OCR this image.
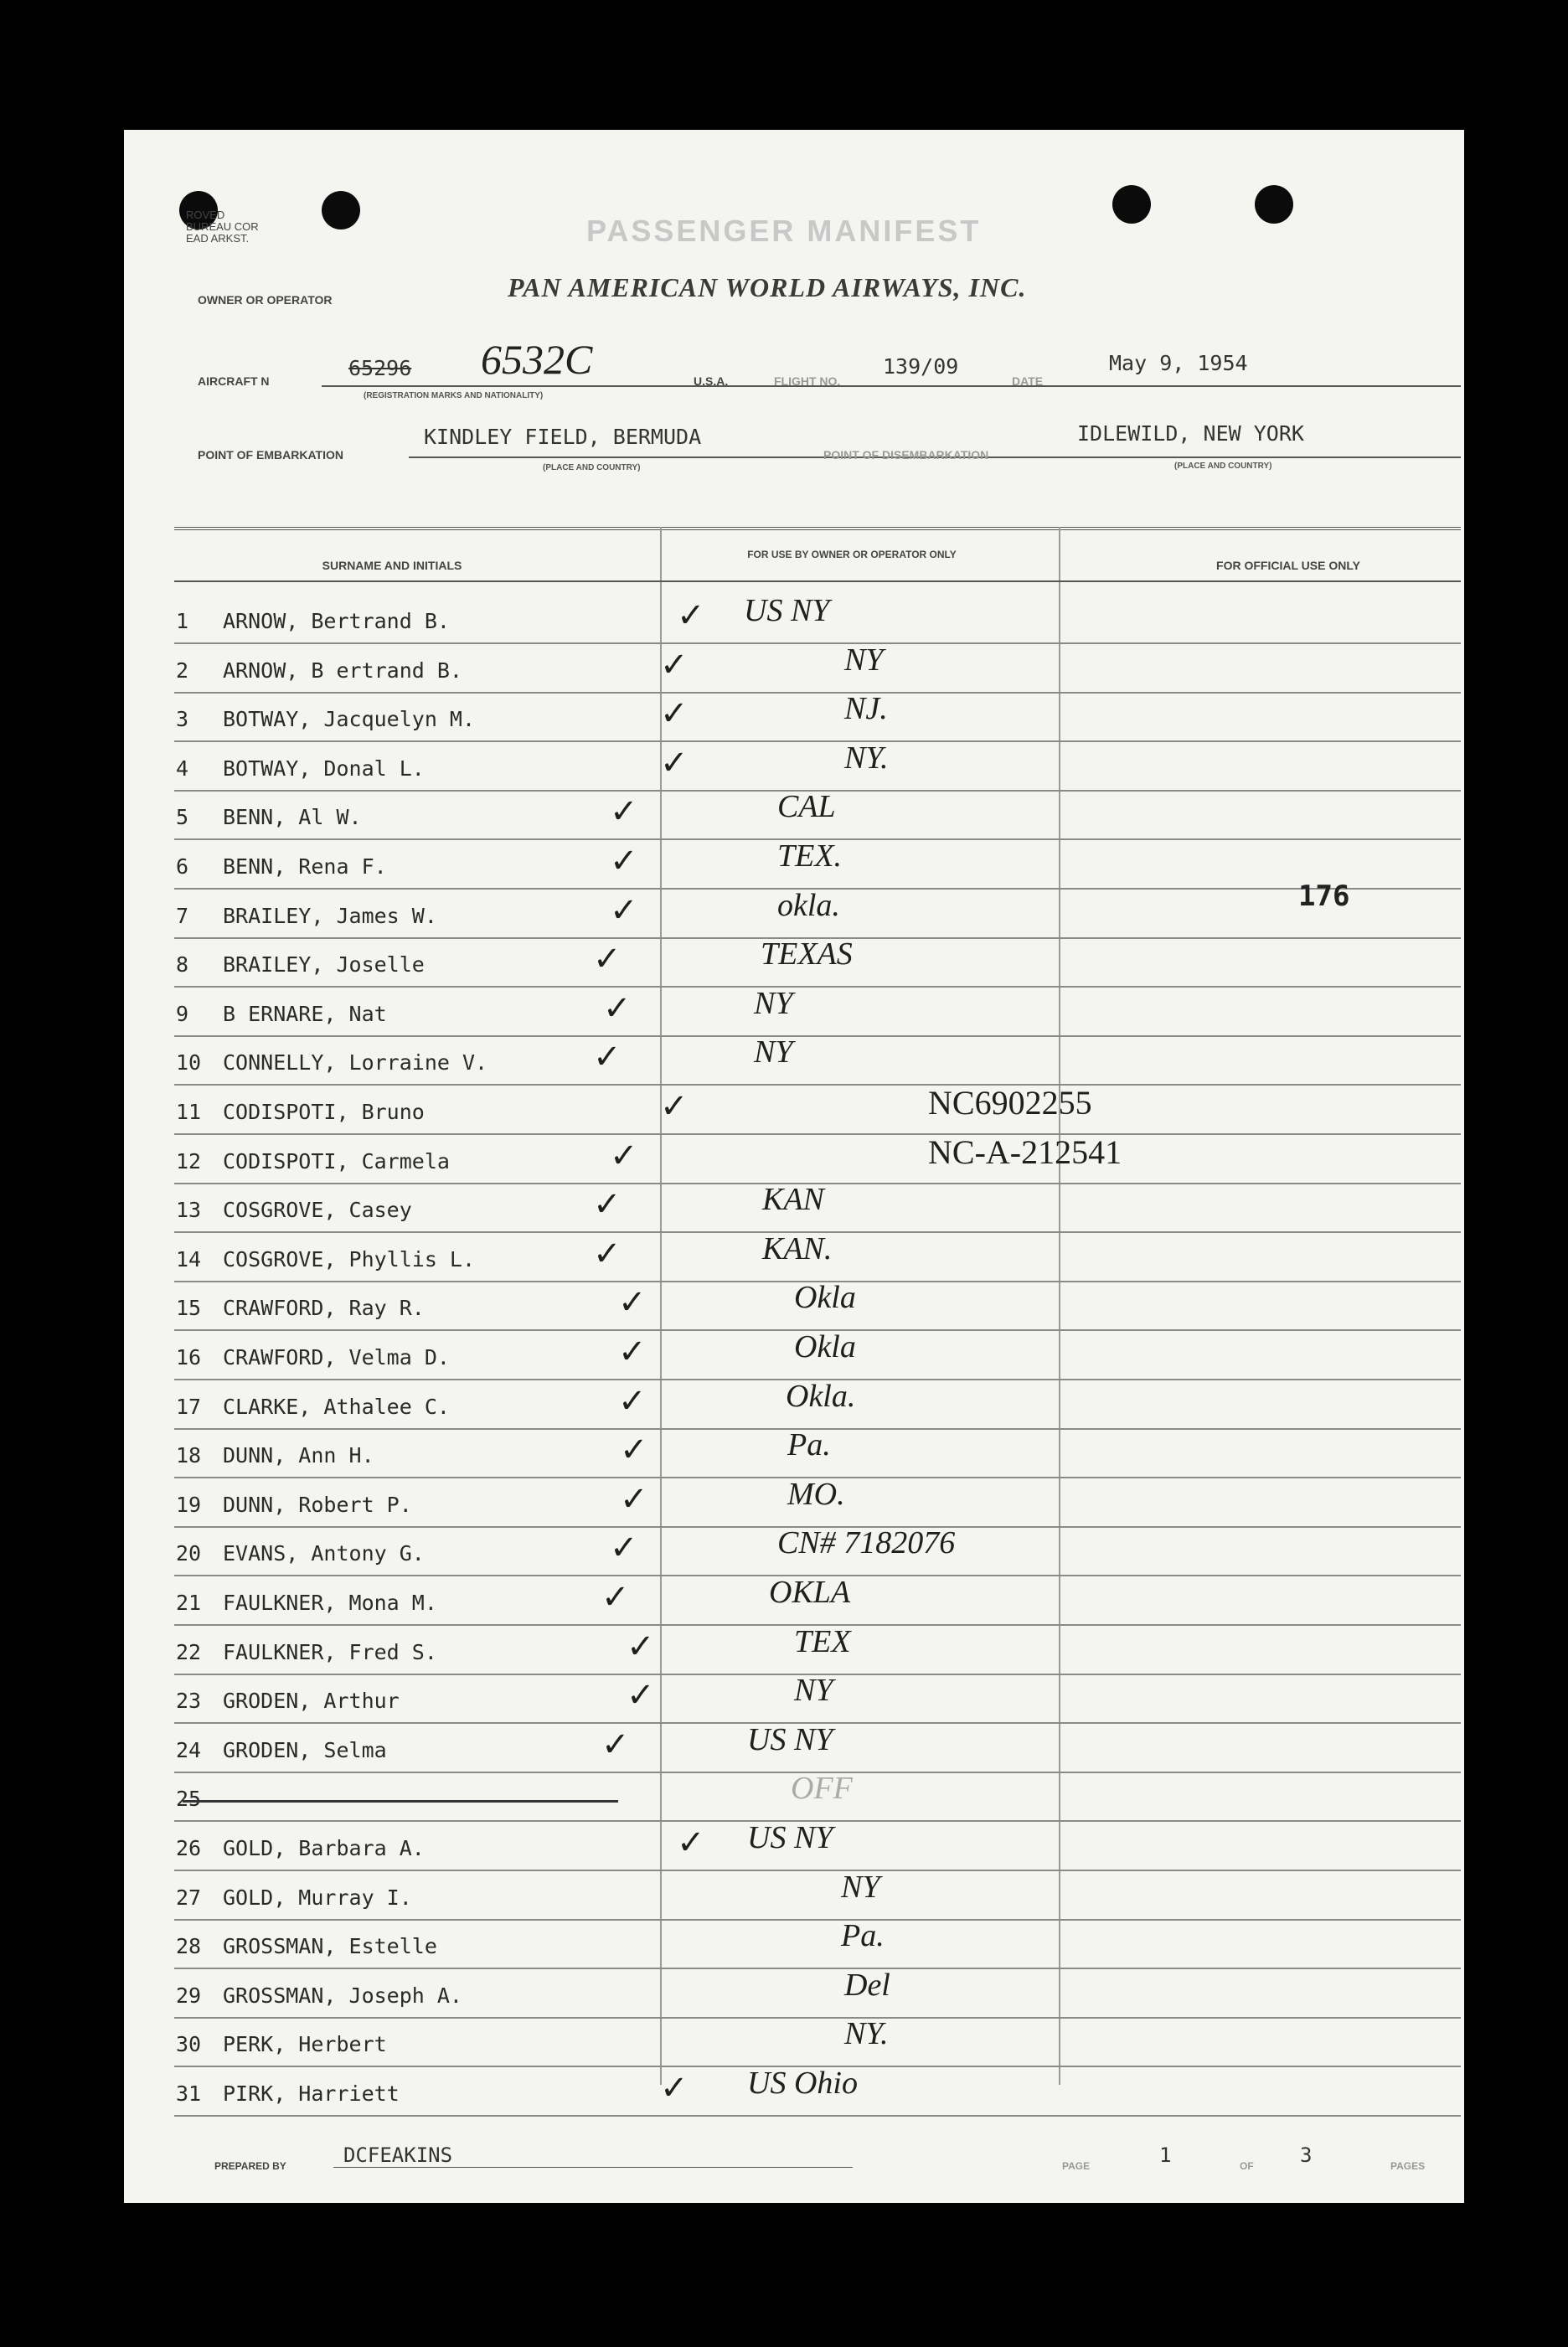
ROVED
BUREAU COR
EAD ARKST.	PASSENGER MANIFEST
OWNER OR OPERATOR	PAN AMERICAN WORLD AIRWAYS, INC.
AIRCRAFT N
65296 6532C
(REGISTRATION MARKS AND NATIONALITY)
U.S.A.	FLIGHT NO.
139/09
DATE
May 9, 1954
POINT OF EMBARKATION
KINDLEY FIELD, BERMUDA
(PLACE AND COUNTRY)
POINT OF DISEMBARKATION
IDLEWILD, NEW YORK
(PLACE AND COUNTRY)
SURNAME AND INITIALS
FOR USE BY OWNER OR OPERATOR ONLY
FOR OFFICIAL USE ONLY
1 ARNOW, Bertrand B.	✓ US NY
2 ARNOW, B ertrand B.	✓	NY
3 BOTWAY, Jacquelyn M.	✓	NJ.
4 BOTWAY, Donal L.	✓	NY.
5 BENN, Al W.	✓	CAL
6 BENN, Rena F.	✓	TEX.
7 BRAILEY, James W.	✓	okla.
8 BRAILEY, Joselle	✓	TEXAS
9 B ERNARE, Nat	✓	NY
10 CONNELLY, Lorraine V.	✓	NY
11 CODISPOTI, Bruno	✓	NC6902255
12 CODISPOTI, Carmela	✓	NC-A-212541
13 COSGROVE, Casey	✓	KAN
14 COSGROVE, Phyllis L.	✓	KAN.
15 CRAWFORD, Ray R.	✓	Okla
16 CRAWFORD, Velma D.	✓	Okla
17 CLARKE, Athalee C.	✓	Okla.
18 DUNN, Ann H.	✓	Pa.
19 DUNN, Robert P.	✓	MO.
20 EVANS, Antony G.	✓	CN# 7182076
21 FAULKNER, Mona M.	✓	OKLA
22 FAULKNER, Fred S.	✓	TEX
23 GRODEN, Arthur	✓	NY
24 GRODEN, Selma	✓	US NY
25	OFF
26 GOLD, Barbara A.	✓ US NY
27 GOLD, Murray I.	NY
28 GROSSMAN, Estelle	Pa.
29 GROSSMAN, Joseph A.	Del
30 PERK, Herbert	NY.
31 PIRK, Harriett	✓ US Ohio
176
PREPARED BY	DCFEAKINS	PAGE	1	OF 3	PAGES
